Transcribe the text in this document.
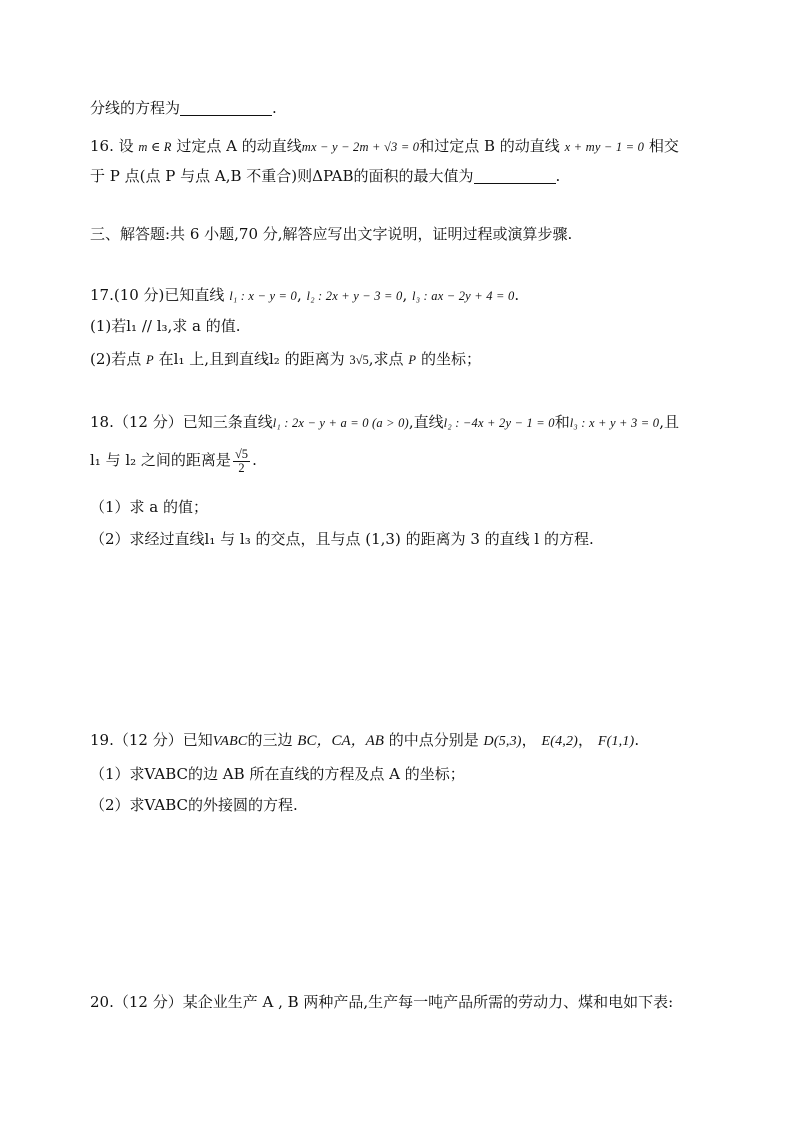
分线的方程为	.
16. 设 m ∈ R 过定点 A 的动直线mx − y − 2m + √3 = 0和过定点 B 的动直线 x + my − 1 = 0 相交
于 P 点(点 P 与点 A,B 不重合)则ΔPAB的面积的最大值为	.
三、解答题:共 6 小题,70 分,解答应写出文字说明，证明过程或演算步骤.
17.(10 分)已知直线 l₁ : x − y = 0, l₂ : 2x + y − 3 = 0, l₃ : ax − 2y + 4 = 0.
(1)若l₁ // l₃,求 a 的值.
(2)若点 P 在l₁ 上,且到直线l₂ 的距离为 3√5,求点 P 的坐标；
18.（12 分）已知三条直线l₁ : 2x − y + a = 0 (a > 0),直线l₂ : −4x + 2y − 1 = 0和l₃ : x + y + 3 = 0,且
l₁ 与 l₂ 之间的距离是 $\frac{√5}{2}$ .
（1）求 a 的值；
（2）求经过直线l₁ 与 l₃ 的交点，且与点 (1,3) 的距离为 3 的直线 l 的方程.
19.（12 分）已知VABC的三边 BC，CA，AB 的中点分别是 D(5,3)， E(4,2)， F(1,1).
（1）求VABC的边 AB 所在直线的方程及点 A 的坐标；
（2）求VABC的外接圆的方程.
20.（12 分）某企业生产 A , B 两种产品,生产每一吨产品所需的劳动力、煤和电如下表:
